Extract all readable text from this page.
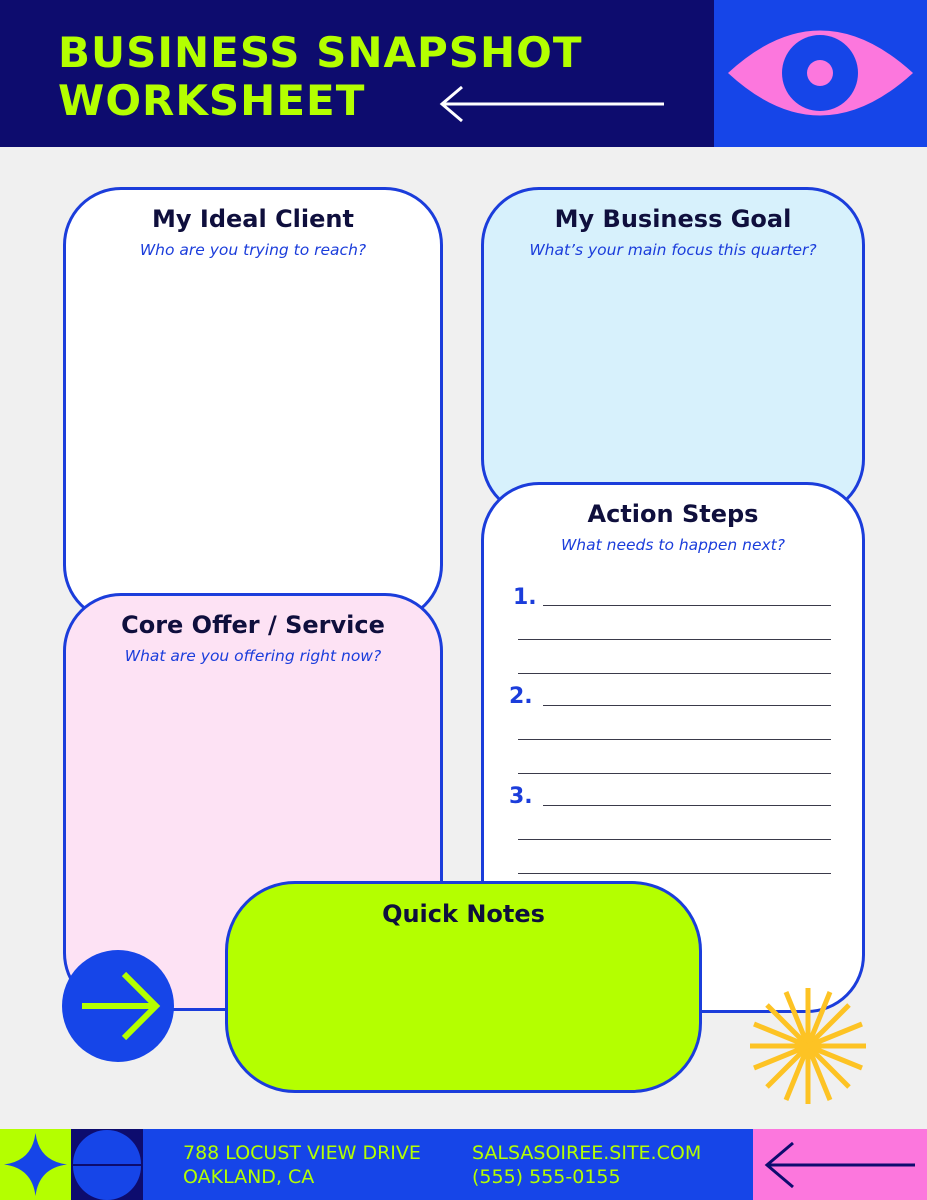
BUSINESS SNAPSHOT
WORKSHEET
My Ideal Client

Who are you trying to reach?

My Business Goal

What’s your main focus this quarter?

Core Offer / Service

What are you offering right now?

Action Steps

What needs to happen next?

1.
2.
3.
Quick Notes
788 LOCUST VIEW DRIVE
OAKLAND, CA
SALSASOIREE.SITE.COM
(555) 555-0155
